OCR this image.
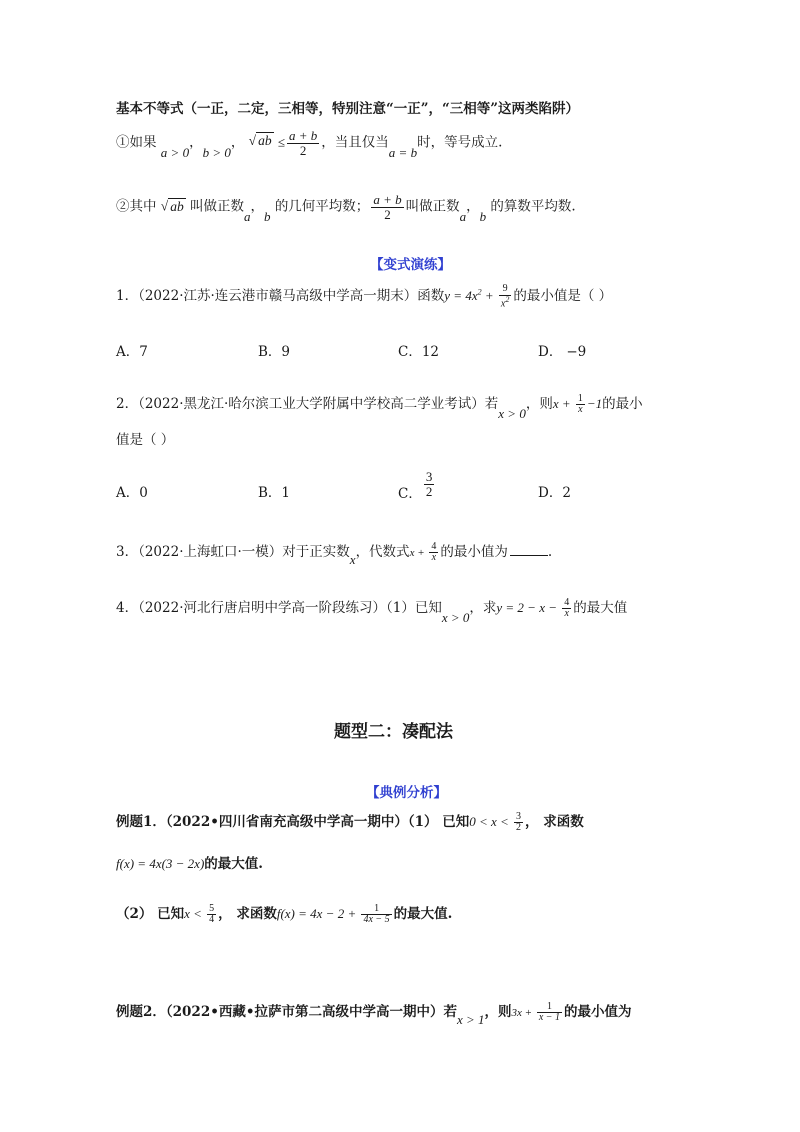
基本不等式（一正，二定，三相等，特别注意“一正”，“三相等”这两类陷阱）
①如果 a > 0，b > 0， √ ab ≤ $\frac{a + b}{2}$ ，当且仅当a = b时，等号成立.
②其中 √ ab 叫做正数a，b 的几何平均数； $\frac{a + b}{2}$ 叫做正数a，b 的算数平均数.
【变式演练】
1．（2022·江苏·连云港市赣马高级中学高一期末）函数$y = 4x^2 + \frac{9}{x^2}$ 的最小值是（ ）
A．7	B．9	C．12	D． −9
2．（2022·黑龙江·哈尔滨工业大学附属中学校高二学业考试）若x > 0，则$x + \frac{1}{x} -1$的最小
值是（ ）
A．0	B．1	C． $\frac{3}{2}$	D．2
3．（2022·上海虹口·一模）对于正实数x，代数式$x + \frac{4}{x}$ 的最小值为	.
4．（2022·河北行唐启明中学高一阶段练习）（1）已知x > 0，求$y = 2 - x - \frac{4}{x}$ 的最大值
题型二：凑配法
【典例分析】
例题1．（2022•四川省南充高级中学高一期中）（1） 已知$0 < x < \frac{3}{2}$ ， 求函数
f(x) = 4x(3 − 2x)的最大值.
（2） 已知$x < \frac{5}{4}$ ， 求函数$f(x) = 4x - 2 + \frac{1}{4x - 5}$ 的最大值.
例题2．（2022•西藏•拉萨市第二高级中学高一期中）若x > 1，则$3x + \frac{1}{x - 1}$ 的最小值为
